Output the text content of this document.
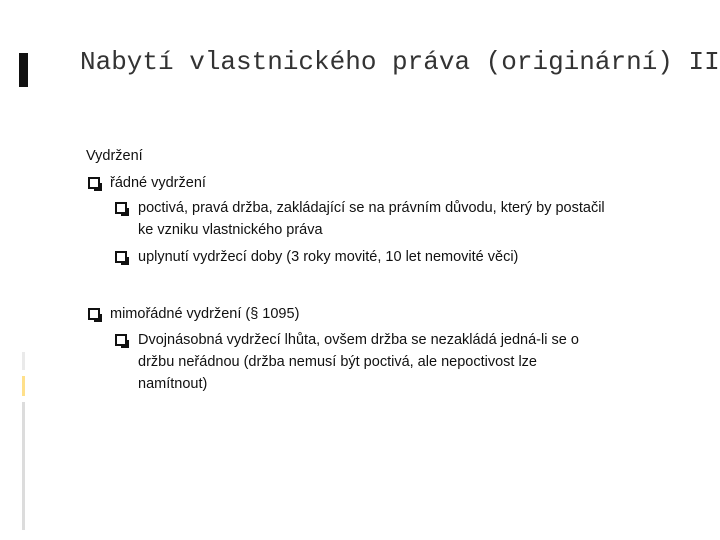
Nabytí vlastnického práva (originární) II
Vydržení
řádné vydržení
poctivá, pravá držba, zakládající se na právním důvodu, který by postačil
ke vzniku vlastnického práva
uplynutí vydržecí doby (3 roky movité, 10 let nemovité věci)
mimořádné vydržení (§ 1095)
Dvojnásobná vydržecí lhůta, ovšem držba se nezakládá jedná-li se o
držbu neřádnou (držba nemusí být poctivá, ale nepoctivost lze
namítnout)
